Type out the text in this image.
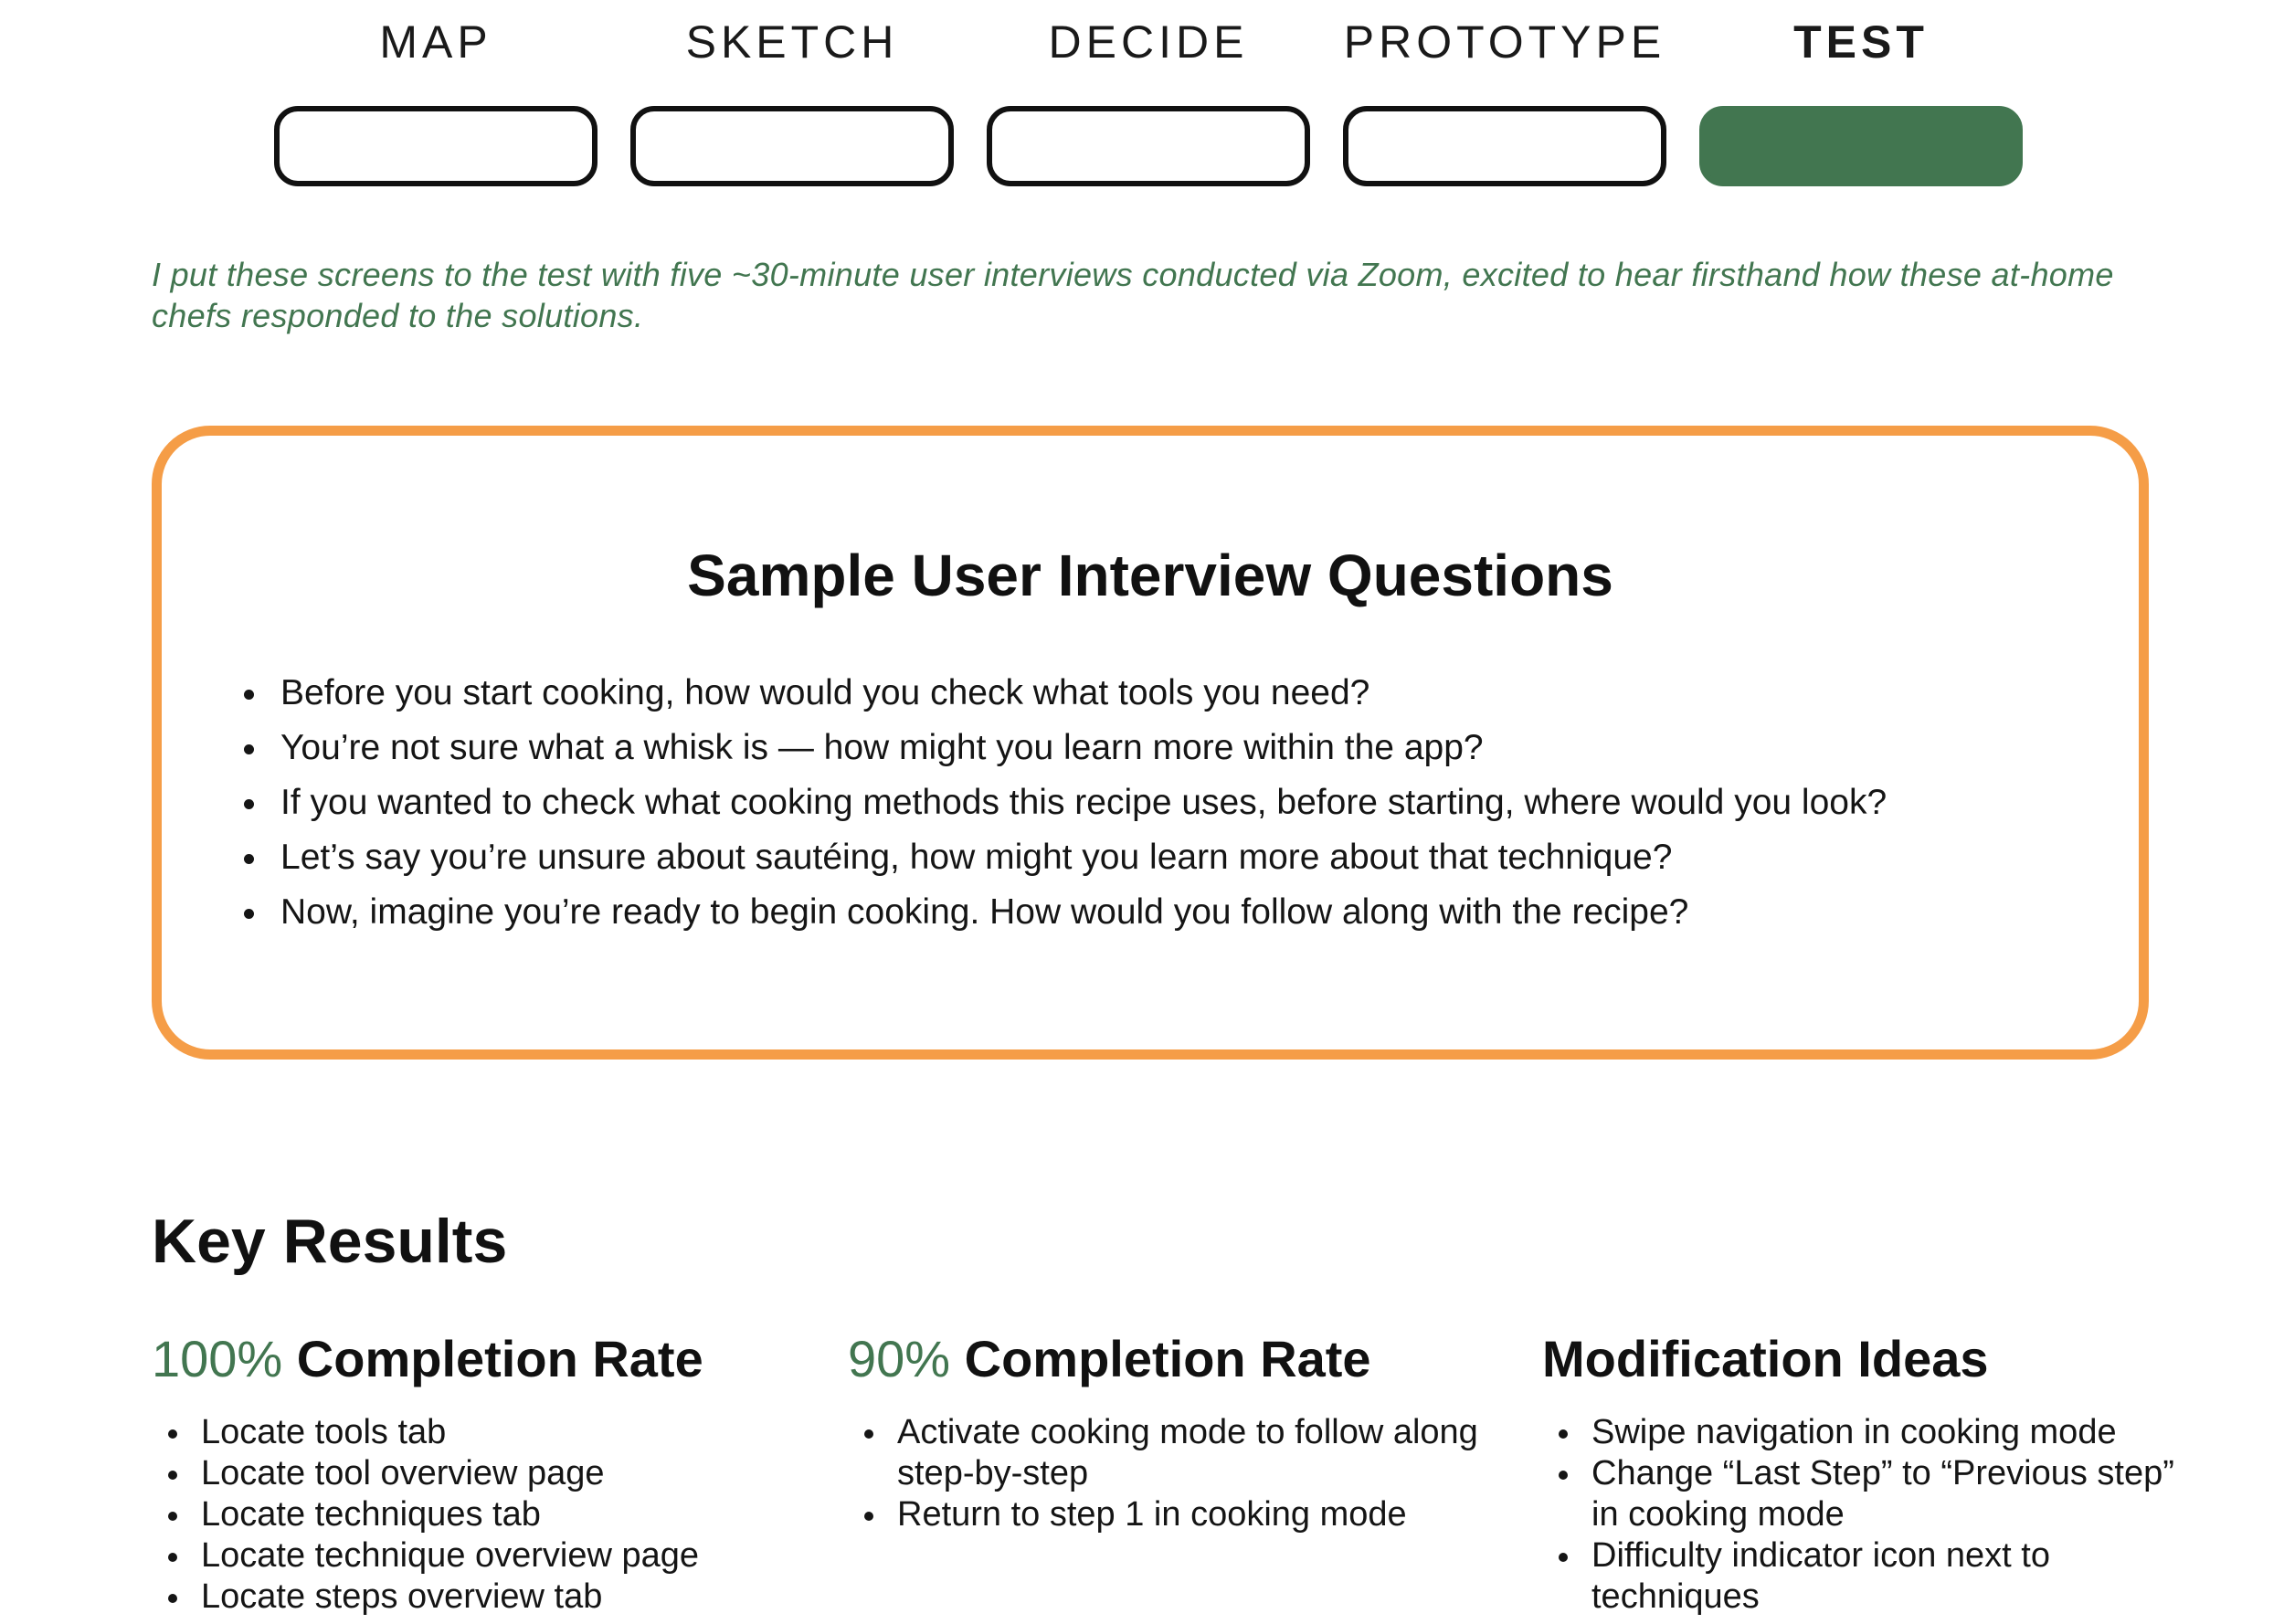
MAP	SKETCH	DECIDE	PROTOTYPE	TEST

I put these screens to the test with five ~30-minute user interviews conducted via Zoom, excited to hear firsthand how these at-home chefs responded to the solutions.

Sample User Interview Questions
Before you start cooking, how would you check what tools you need?
You’re not sure what a whisk is — how might you learn more within the app?
If you wanted to check what cooking methods this recipe uses, before starting, where would you look?
Let’s say you’re unsure about sautéing, how might you learn more about that technique?
Now, imagine you’re ready to begin cooking. How would you follow along with the recipe?
Key Results
100% Completion Rate
Locate tools tab
Locate tool overview page
Locate techniques tab
Locate technique overview page
Locate steps overview tab
90% Completion Rate
Activate cooking mode to follow along step-by-step
Return to step 1 in cooking mode
Modification Ideas
Swipe navigation in cooking mode
Change “Last Step” to “Previous step” in cooking mode
Difficulty indicator icon next to techniques
